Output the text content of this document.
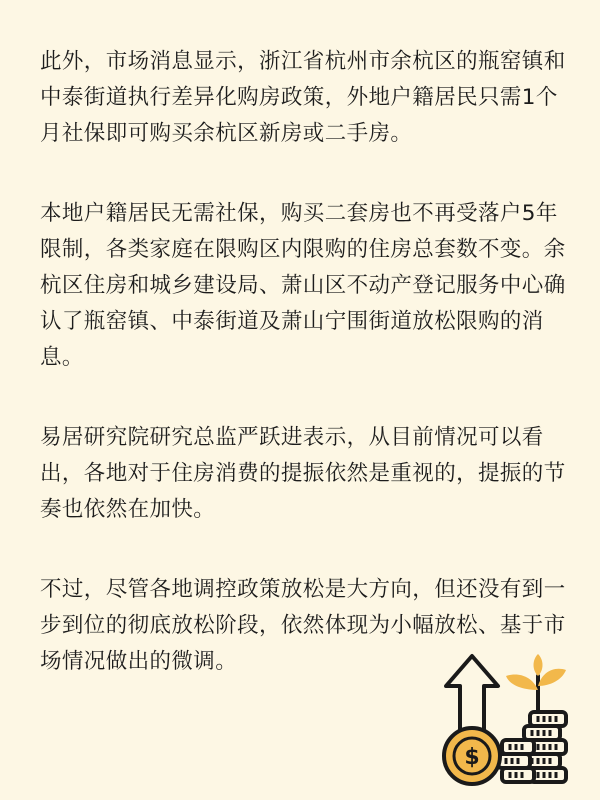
此外，市场消息显示，浙江省杭州市余杭区的瓶窑镇和中泰街道执行差异化购房政策，外地户籍居民只需1个月社保即可购买余杭区新房或二手房。

本地户籍居民无需社保，购买二套房也不再受落户5年限制，各类家庭在限购区内限购的住房总套数不变。余杭区住房和城乡建设局、萧山区不动产登记服务中心确认了瓶窑镇、中泰街道及萧山宁围街道放松限购的消息。

易居研究院研究总监严跃进表示，从目前情况可以看出，各地对于住房消费的提振依然是重视的，提振的节奏也依然在加快。

不过，尽管各地调控政策放松是大方向，但还没有到一步到位的彻底放松阶段，依然体现为小幅放松、基于市场情况做出的微调。

$
